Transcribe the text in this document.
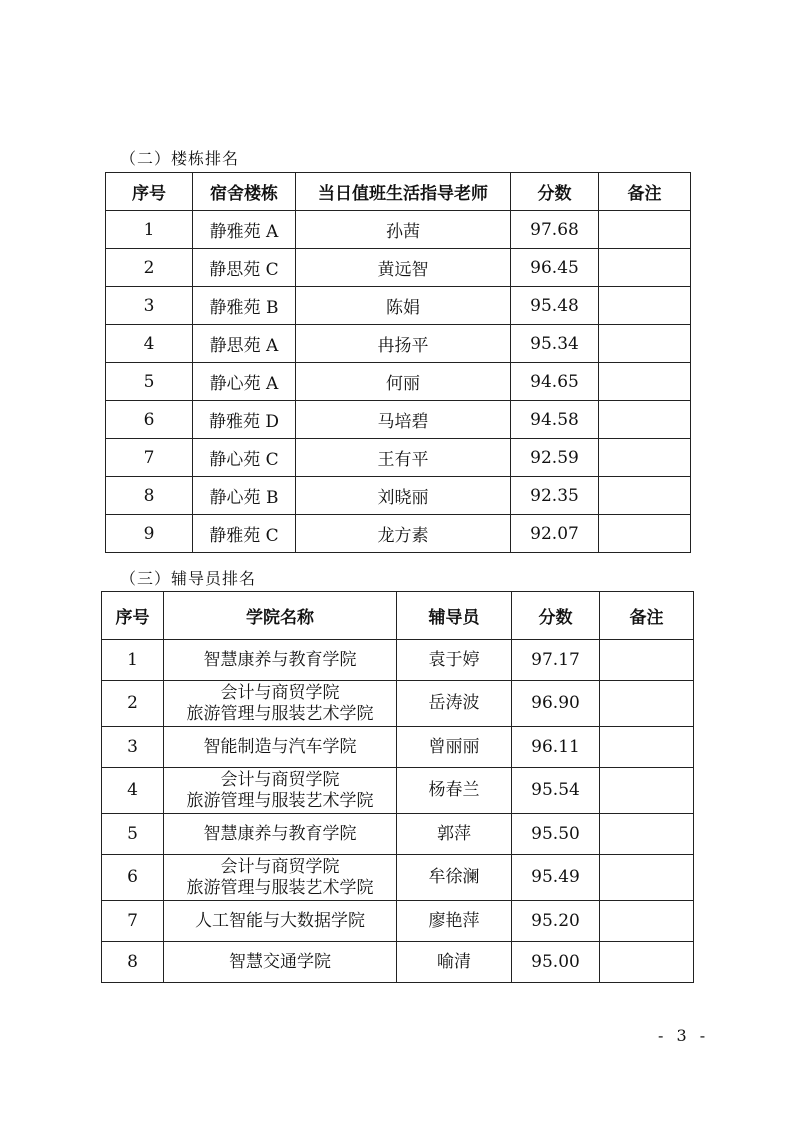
（二）楼栋排名
序号	宿舍楼栋	当日值班生活指导老师	分数	备注
1	静雅苑 A	孙茜	97.68	
2	静思苑 C	黄远智	96.45	
3	静雅苑 B	陈娟	95.48	
4	静思苑 A	冉扬平	95.34	
5	静心苑 A	何丽	94.65	
6	静雅苑 D	马培碧	94.58	
7	静心苑 C	王有平	92.59	
8	静心苑 B	刘晓丽	92.35	
9	静雅苑 C	龙方素	92.07	
（三）辅导员排名
序号	学院名称	辅导员	分数	备注
1	智慧康养与教育学院	袁于婷	97.17	
2	会计与商贸学院
旅游管理与服装艺术学院	岳涛波	96.90	
3	智能制造与汽车学院	曾丽丽	96.11	
4	会计与商贸学院
旅游管理与服装艺术学院	杨春兰	95.54	
5	智慧康养与教育学院	郭萍	95.50	
6	会计与商贸学院
旅游管理与服装艺术学院	牟徐澜	95.49	
7	人工智能与大数据学院	廖艳萍	95.20	
8	智慧交通学院	喻清	95.00	
- 3 -
